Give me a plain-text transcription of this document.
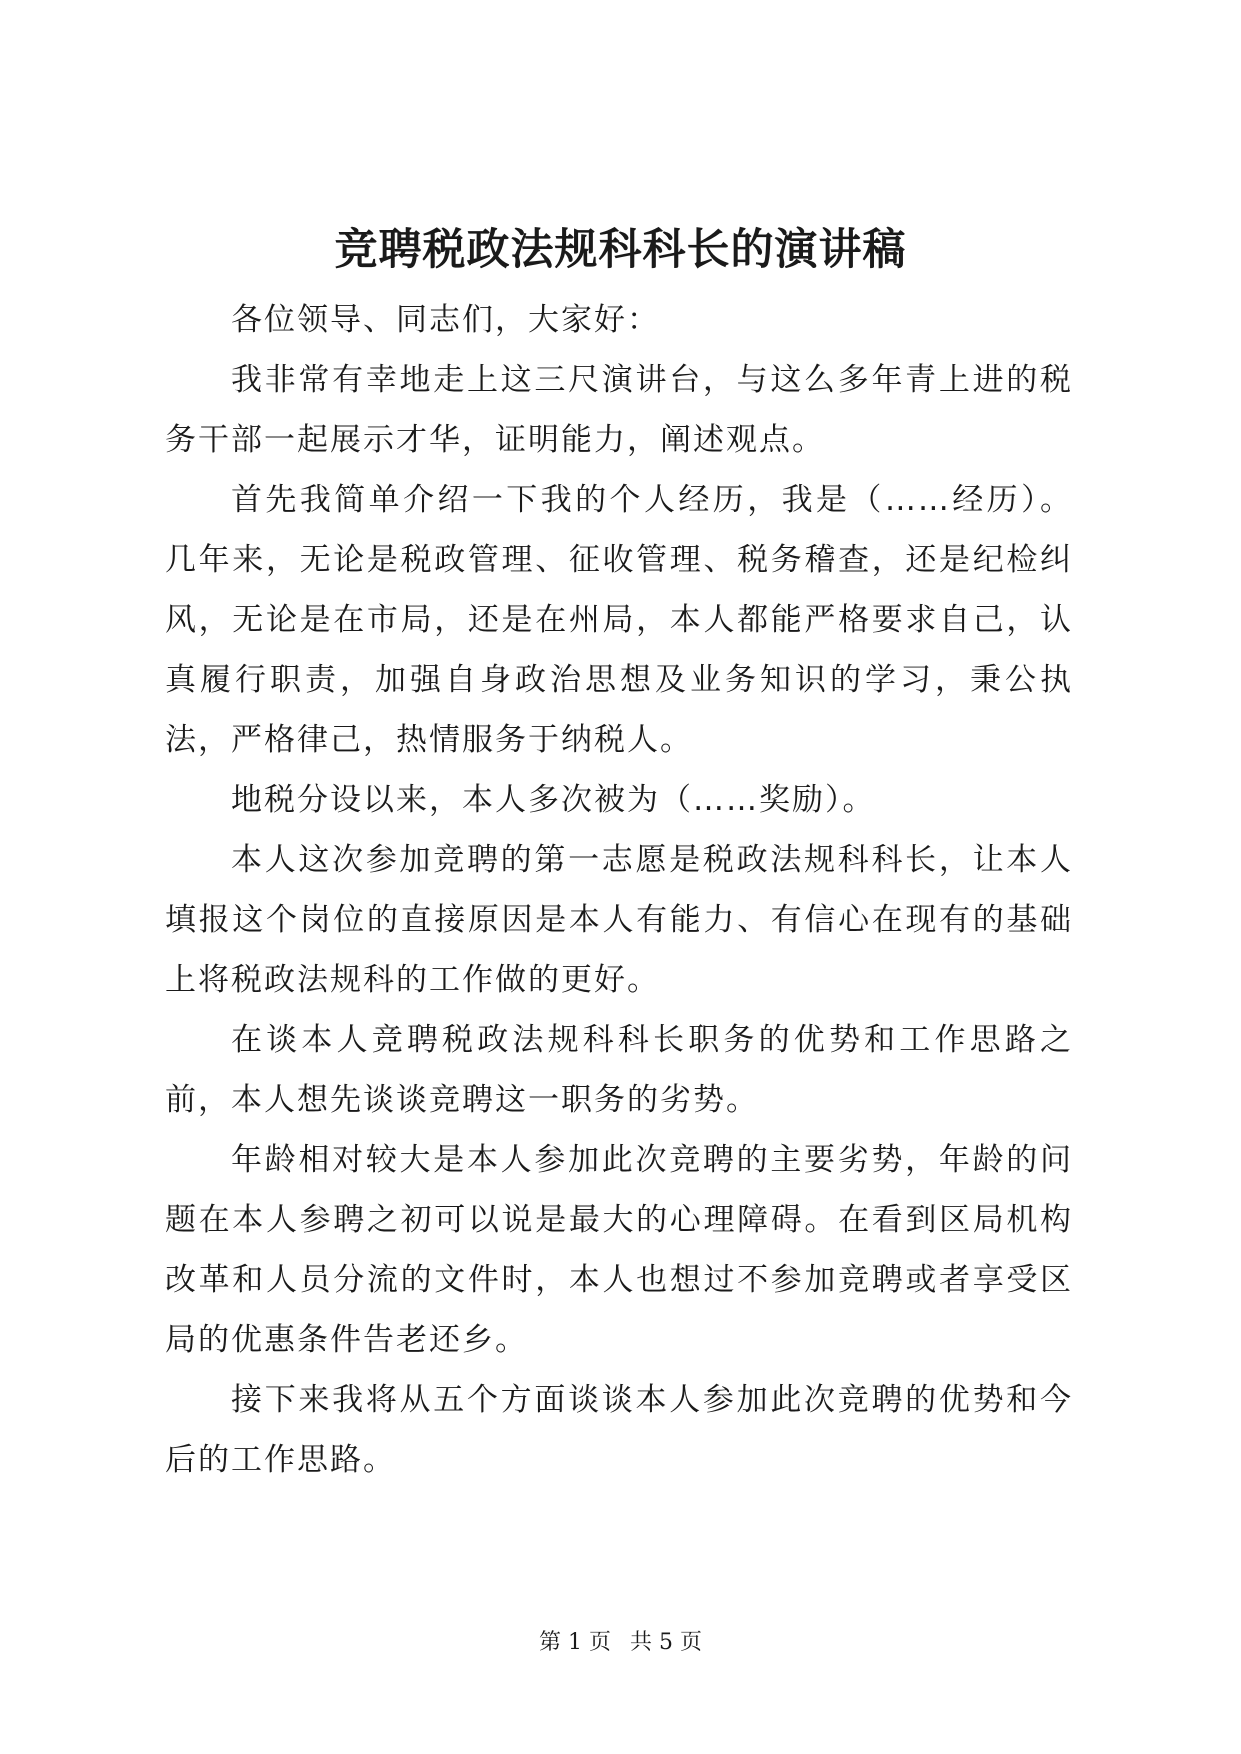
竞聘税政法规科科长的演讲稿

各位领导、同志们，大家好：

我非常有幸地走上这三尺演讲台，与这么多年青上进的税务干部一起展示才华，证明能力，阐述观点。

首先我简单介绍一下我的个人经历，我是（……经历）。几年来，无论是税政管理、征收管理、税务稽查，还是纪检纠风，无论是在市局，还是在州局，本人都能严格要求自己，认真履行职责，加强自身政治思想及业务知识的学习，秉公执法，严格律己，热情服务于纳税人。

地税分设以来，本人多次被为（……奖励）。

本人这次参加竞聘的第一志愿是税政法规科科长，让本人填报这个岗位的直接原因是本人有能力、有信心在现有的基础上将税政法规科的工作做的更好。

在谈本人竞聘税政法规科科长职务的优势和工作思路之前，本人想先谈谈竞聘这一职务的劣势。

年龄相对较大是本人参加此次竞聘的主要劣势，年龄的问题在本人参聘之初可以说是最大的心理障碍。在看到区局机构改革和人员分流的文件时，本人也想过不参加竞聘或者享受区局的优惠条件告老还乡。

接下来我将从五个方面谈谈本人参加此次竞聘的优势和今后的工作思路。

第 1 页 共 5 页
